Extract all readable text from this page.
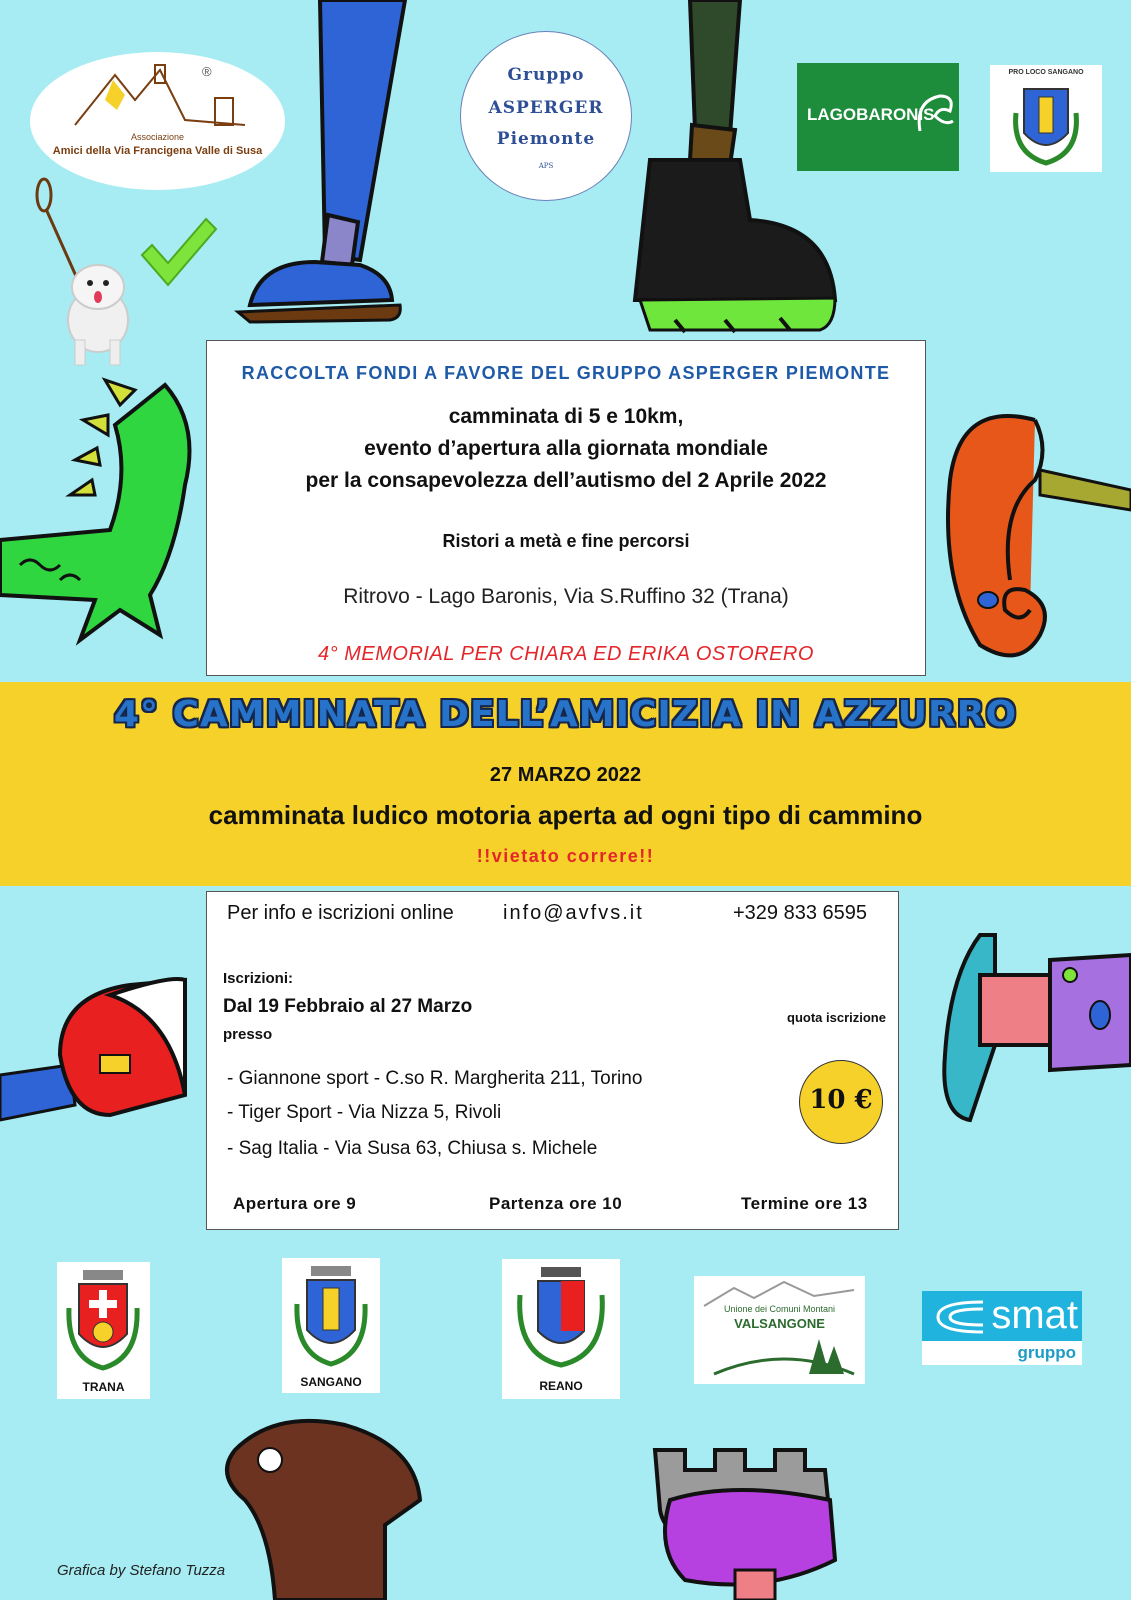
®
Associazione
Amici della Via Francigena Valle di Susa
Gruppo
ASPERGER
Piemonte
APS
LAGOBARONIS
PRO LOCO SANGANO
RACCOLTA FONDI A FAVORE DEL GRUPPO ASPERGER PIEMONTE
camminata di 5 e 10km,
evento d’apertura alla giornata mondiale
per la consapevolezza dell’autismo del 2 Aprile 2022
Ristori a metà e fine percorsi
Ritrovo - Lago Baronis, Via S.Ruffino 32 (Trana)
4° MEMORIAL PER CHIARA ED ERIKA OSTORERO
4° CAMMINATA DELL’AMICIZIA IN AZZURRO
27 MARZO 2022
camminata ludico motoria aperta ad ogni tipo di cammino
!!vietato correre!!
Per info e iscrizioni online info@avfvs.it	+329 833 6595
Iscrizioni:
Dal 19 Febbraio al 27 Marzo
presso
- Giannone sport - C.so R. Margherita 211, Torino
- Tiger Sport - Via Nizza 5, Rivoli
- Sag Italia - Via Susa 63, Chiusa s. Michele
quota iscrizione
10 €
Apertura ore 9	Partenza ore 10	Termine ore 13
TRANA	SANGANO	REANO
Unione dei Comuni Montani
VALSANGONE	smat
gruppo
Grafica by Stefano Tuzza
